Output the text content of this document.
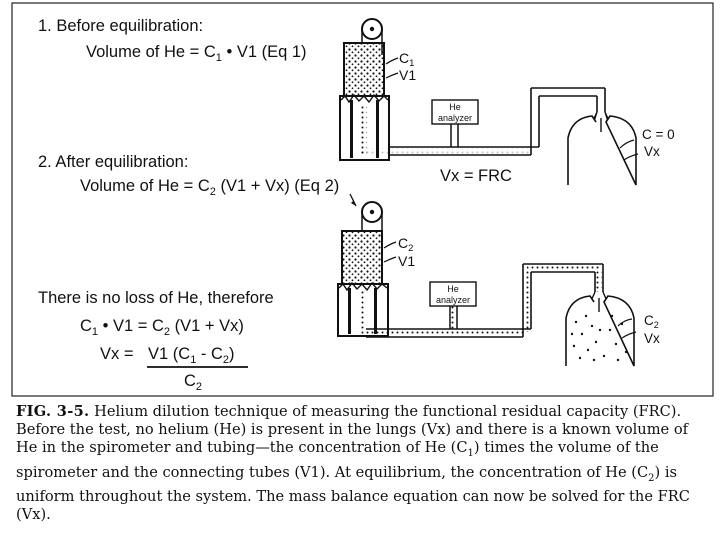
1. Before equilibration:
Volume of $He = C_1$ • V1 (Eq 1)	$C_1$
V1
He
analyzer
C = 0
Vx
2. After equilibration:
Volume of $He = C_2$ (V1 + Vx) (Eq 2)
Vx = FRC
$C_2$
V1
He
analyzer
$C_2$
Vx
There is no loss of He, therefore
$C_1$ • $V1 = C_2$ (V1 + Vx)
Vx = V1 $(C_1 - C_2)$
$C_2$

FIG. 3-5. Helium dilution technique of measuring the functional residual capacity (FRC). Before the test, no helium (He) is present in the lungs (Vx) and there is a known volume of He in the spirometer and tubing—the concentration of He $(C_1)$ times the volume of the spirometer and the connecting tubes (V1). At equilibrium, the concentration of He $(C_2)$ is uniform throughout the system. The mass balance equation can now be solved for the FRC (Vx).
